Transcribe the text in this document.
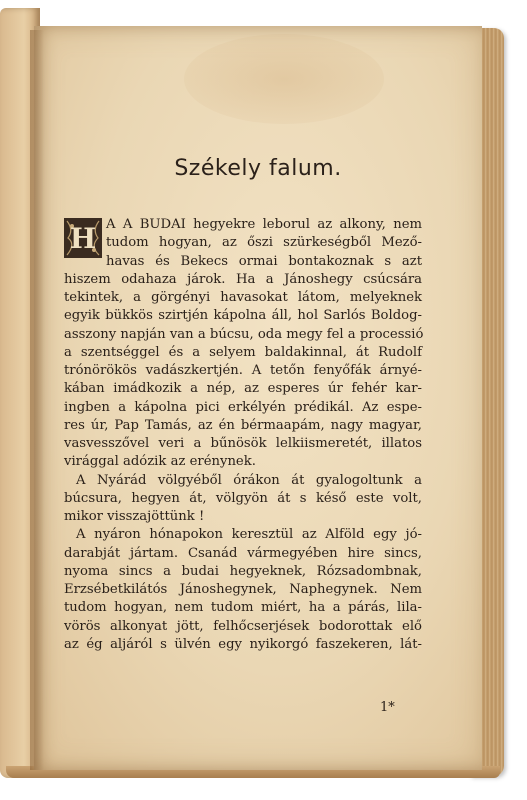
Székely falum.
H A A BUDAI hegyekre leborul az alkony, nem
tudom hogyan, az őszi szürkeségből Mező-
havas és Bekecs ormai bontakoznak s azt
hiszem odahaza járok. Ha a Jánoshegy csúcsára
tekintek, a görgényi havasokat látom, melyeknek
egyik bükkös szirtjén kápolna áll, hol Sarlós Boldog-
asszony napján van a búcsu, oda megy fel a processió
a szentséggel és a selyem baldakinnal, át Rudolf
trónörökös vadászkertjén. A tetőn fenyőfák árnyé-
kában imádkozik a nép, az esperes úr fehér kar-
ingben a kápolna pici erkélyén prédikál. Az espe-
res úr, Pap Tamás, az én bérmaapám, nagy magyar,
vasvesszővel veri a bűnösök lelkiismeretét, illatos
virággal adózik az erénynek.
A Nyárád völgyéből órákon át gyalogoltunk a
búcsura, hegyen át, völgyön át s késő este volt,
mikor visszajöttünk !
A nyáron hónapokon keresztül az Alföld egy jó-
darabját jártam. Csanád vármegyében hire sincs,
nyoma sincs a budai hegyeknek, Rózsadombnak,
Erzsébetkilátós Jánoshegynek, Naphegynek. Nem
tudom hogyan, nem tudom miért, ha a párás, lila-
vörös alkonyat jött, felhőcserjések bodorottak elő
az ég aljáról s ülvén egy nyikorgó faszekeren, lát-
1*
